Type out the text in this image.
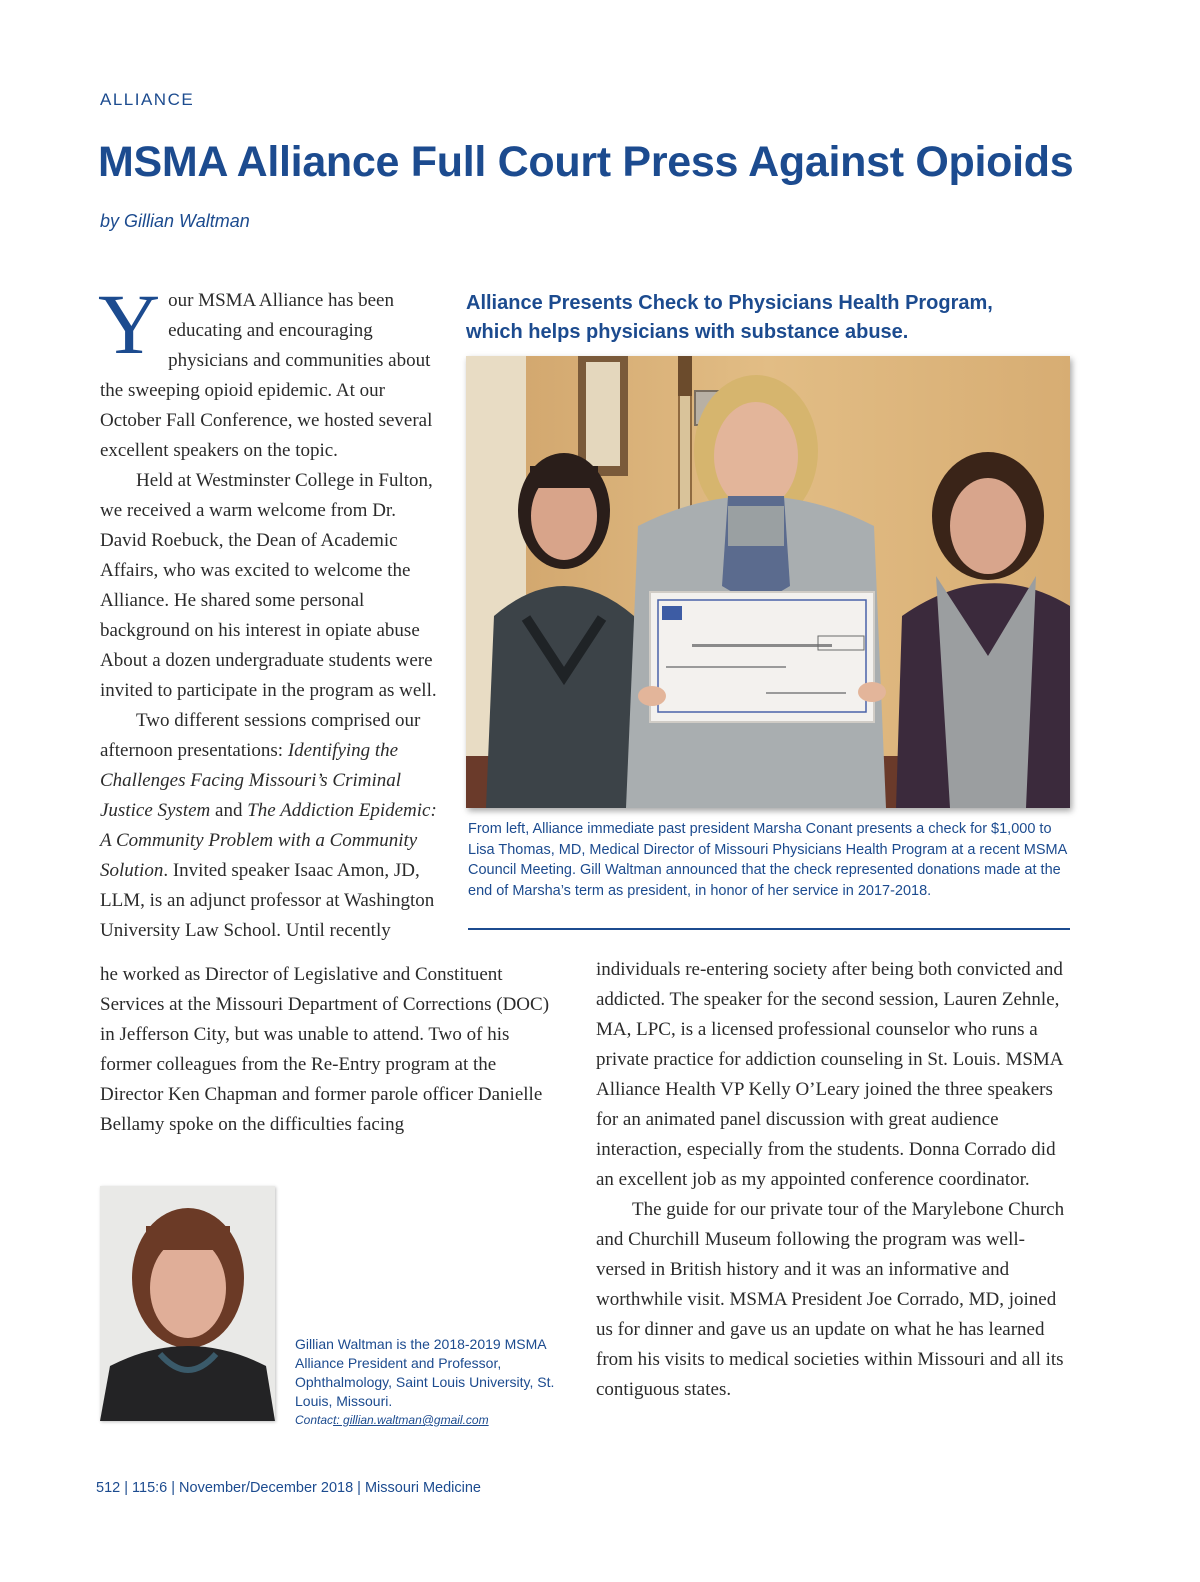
ALLIANCE
MSMA Alliance Full Court Press Against Opioids
by Gillian Waltman

Your MSMA Alliance has been educating and encouraging physicians and communities about the sweeping opioid epidemic. At our October Fall Conference, we hosted several excellent speakers on the topic.

Held at Westminster College in Fulton, we received a warm welcome from Dr. David Roebuck, the Dean of Academic Affairs, who was excited to welcome the Alliance. He shared some personal background on his interest in opiate abuse About a dozen undergraduate students were invited to participate in the program as well.

Two different sessions comprised our afternoon presentations: Identifying the Challenges Facing Missouri’s Criminal Justice System and The Addiction Epidemic: A Community Problem with a Community Solution. Invited speaker Isaac Amon, JD, LLM, is an adjunct professor at Washington University Law School. Until recently

he worked as Director of Legislative and Constituent Services at the Missouri Department of Corrections (DOC) in Jefferson City, but was unable to attend. Two of his former colleagues from the Re-Entry program at the Director Ken Chapman and former parole officer Danielle Bellamy spoke on the difficulties facing

Alliance Presents Check to Physicians Health Program, which helps physicians with substance abuse.
From left, Alliance immediate past president Marsha Conant presents a check for $1,000 to Lisa Thomas, MD, Medical Director of Missouri Physicians Health Program at a recent MSMA Council Meeting. Gill Waltman announced that the check represented donations made at the end of Marsha’s term as president, in honor of her service in 2017-2018.

individuals re-entering society after being both convicted and addicted. The speaker for the second session, Lauren Zehnle, MA, LPC, is a licensed professional counselor who runs a private practice for addiction counseling in St. Louis. MSMA Alliance Health VP Kelly O’Leary joined the three speakers for an animated panel discussion with great audience interaction, especially from the students. Donna Corrado did an excellent job as my appointed conference coordinator.

The guide for our private tour of the Marylebone Church and Churchill Museum following the program was well-versed in British history and it was an informative and worthwhile visit. MSMA President Joe Corrado, MD, joined us for dinner and gave us an update on what he has learned from his visits to medical societies within Missouri and all its contiguous states.

Gillian Waltman is the 2018-2019 MSMA Alliance President and Professor, Ophthalmology, Saint Louis University, St. Louis, Missouri.
Contact: gillian.waltman@gmail.com
512 | 115:6 | November/December 2018 | Missouri Medicine
